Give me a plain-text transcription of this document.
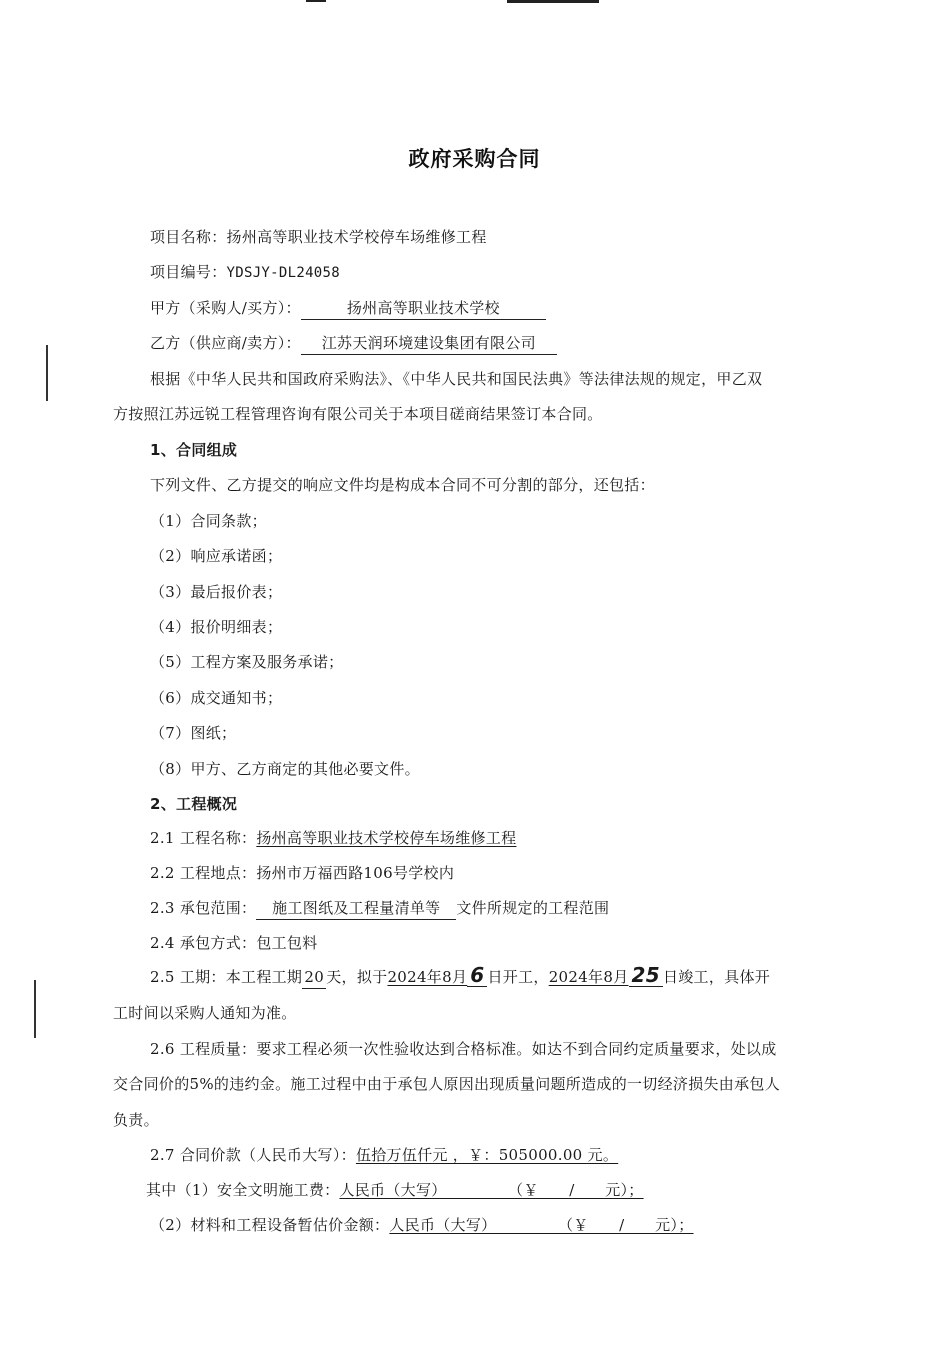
政府采购合同
项目名称：扬州高等职业技术学校停车场维修工程
项目编号：YDSJY-DL24058
甲方（采购人/买方）：	扬州高等职业技术学校
乙方（供应商/卖方）： 江苏天润环境建设集团有限公司
根据《中华人民共和国政府采购法》、《中华人民共和国民法典》等法律法规的规定，甲乙双
方按照江苏远锐工程管理咨询有限公司关于本项目磋商结果签订本合同。
1、合同组成
下列文件、乙方提交的响应文件均是构成本合同不可分割的部分，还包括：
（1）合同条款；
（2）响应承诺函；
（3）最后报价表；
（4）报价明细表；
（5）工程方案及服务承诺；
（6）成交通知书；
（7）图纸；
（8）甲方、乙方商定的其他必要文件。
2、工程概况
2.1 工程名称：扬州高等职业技术学校停车场维修工程
2.2 工程地点：扬州市万福西路106号学校内
2.3 承包范围： 施工图纸及工程量清单等 文件所规定的工程范围
2.4 承包方式：包工包料
2.5 工期：本工程工期 20 天，拟于2024年8月 6 日开工，2024年8月 25 日竣工，具体开
工时间以采购人通知为准。
2.6 工程质量：要求工程必须一次性验收达到合格标准。如达不到合同约定质量要求，处以成
交合同价的5%的违约金。施工过程中由于承包人原因出现质量问题所造成的一切经济损失由承包人
负责。
2.7 合同价款（人民币大写）：伍拾万伍仟元 ，￥：505000.00 元。
其中（1）安全文明施工费：人民币（大写）　　　　　（￥　　/　　元）；
（2）材料和工程设备暂估价金额：人民币（大写）　　　　　（￥　　/　　元）；
